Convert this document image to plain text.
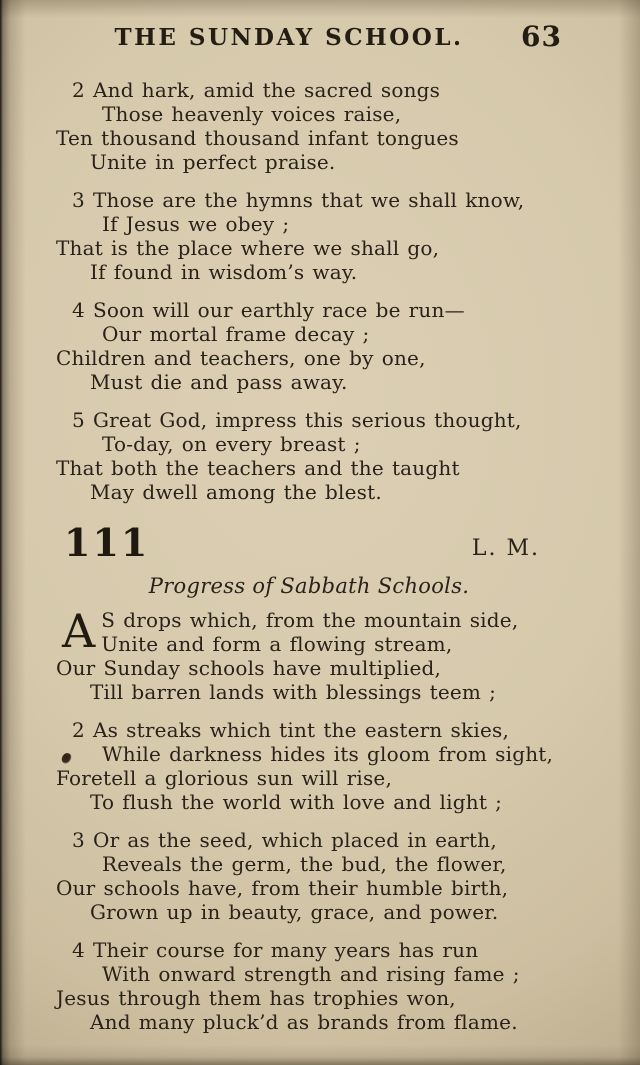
THE SUNDAY SCHOOL.	63

2 And hark, amid the sacred songs

Those heavenly voices raise,

Ten thousand thousand infant tongues

Unite in perfect praise.

3 Those are the hymns that we shall know,

If Jesus we obey ;

That is the place where we shall go,

If found in wisdom’s way.

4 Soon will our earthly race be run—

Our mortal frame decay ;

Children and teachers, one by one,

Must die and pass away.

5 Great God, impress this serious thought,

To-day, on every breast ;

That both the teachers and the taught

May dwell among the blest.

111	L. M.
Progress of Sabbath Schools.
A S drops which, from the mountain side,

Unite and form a flowing stream,

Our Sunday schools have multiplied,

Till barren lands with blessings teem ;

2 As streaks which tint the eastern skies,

While darkness hides its gloom from sight,

Foretell a glorious sun will rise,

To flush the world with love and light ;

3 Or as the seed, which placed in earth,

Reveals the germ, the bud, the flower,

Our schools have, from their humble birth,

Grown up in beauty, grace, and power.

4 Their course for many years has run

With onward strength and rising fame ;

Jesus through them has trophies won,

And many pluck’d as brands from flame.
